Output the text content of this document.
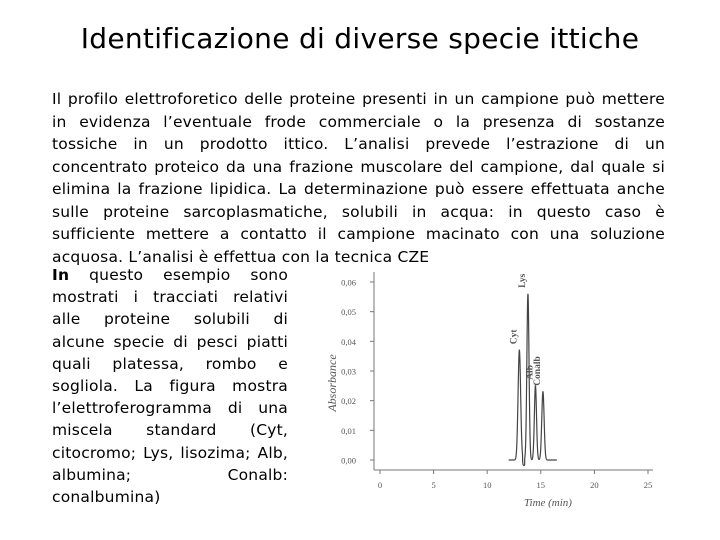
Identificazione di diverse specie ittiche
Il profilo elettroforetico delle proteine presenti in un campione può mettere in evidenza l’eventuale frode commerciale o la presenza di sostanze tossiche in un prodotto ittico. L’analisi prevede l’estrazione di un concentrato proteico da una frazione muscolare del campione, dal quale si elimina la frazione lipidica. La determinazione può essere effettuata anche sulle proteine sarcoplasmatiche, solubili in acqua: in questo caso è sufficiente mettere a contatto il campione macinato con una soluzione acquosa. L’analisi è effettua con la tecnica CZE
In questo esempio sono mostrati i tracciati relativi alle proteine solubili di alcune specie di pesci piatti quali platessa, rombo e sogliola. La figura mostra l’elettroferogramma di una miscela standard (Cyt, citocromo; Lys, lisozima; Alb, albumina; Conalb: conalbumina)
0,00
0,01
0,02
0,03
0,04
0,05
0,06
0	5	10	15	20	25
Cyt
Lys
Alb
Conalb
Time (min)
Absorbance
